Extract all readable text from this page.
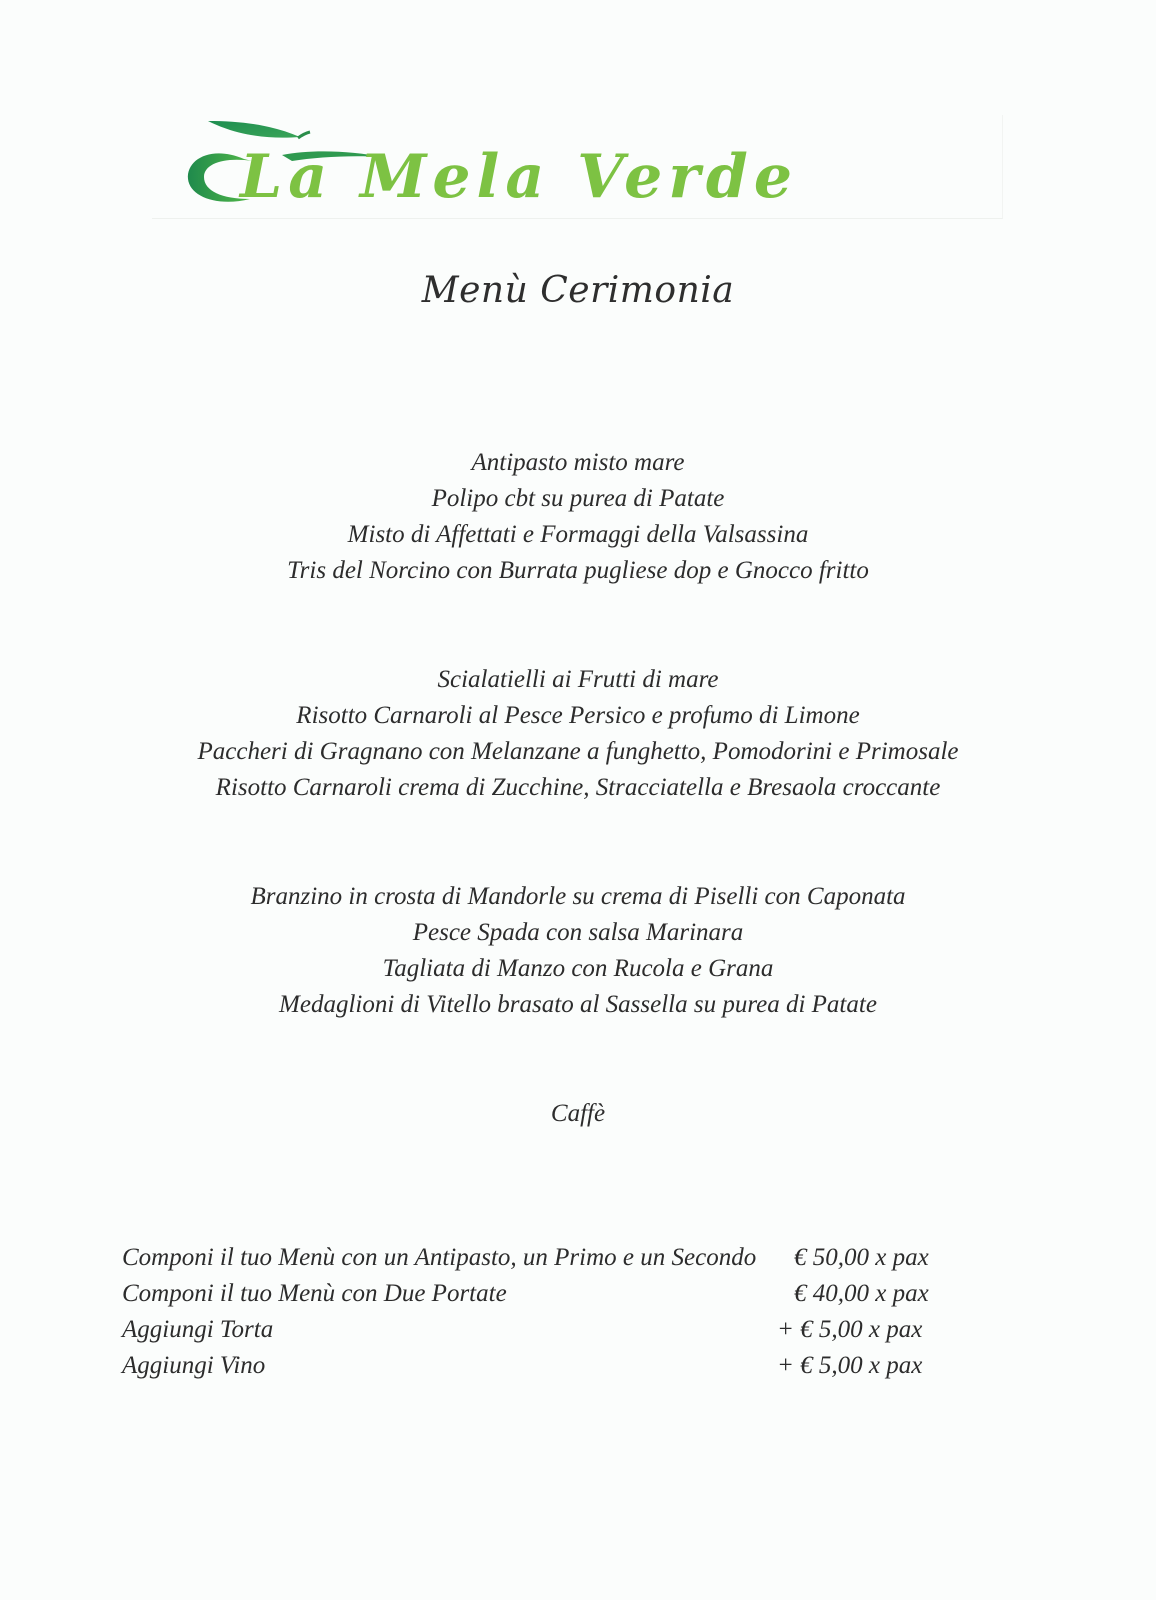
La Mela Verde
Menù Cerimonia
Antipasto misto mare
Polipo cbt su purea di Patate
Misto di Affettati e Formaggi della Valsassina
Tris del Norcino con Burrata pugliese dop e Gnocco fritto
Scialatielli ai Frutti di mare
Risotto Carnaroli al Pesce Persico e profumo di Limone
Paccheri di Gragnano con Melanzane a funghetto, Pomodorini e Primosale
Risotto Carnaroli crema di Zucchine, Stracciatella e Bresaola croccante
Branzino in crosta di Mandorle su crema di Piselli con Caponata
Pesce Spada con salsa Marinara
Tagliata di Manzo con Rucola e Grana
Medaglioni di Vitello brasato al Sassella su purea di Patate
Caffè
Componi il tuo Menù con un Antipasto, un Primo e un Secondo € 50,00 x pax
Componi il tuo Menù con Due Portate	€ 40,00 x pax
Aggiungi Torta	+ € 5,00 x pax
Aggiungi Vino	+ € 5,00 x pax
